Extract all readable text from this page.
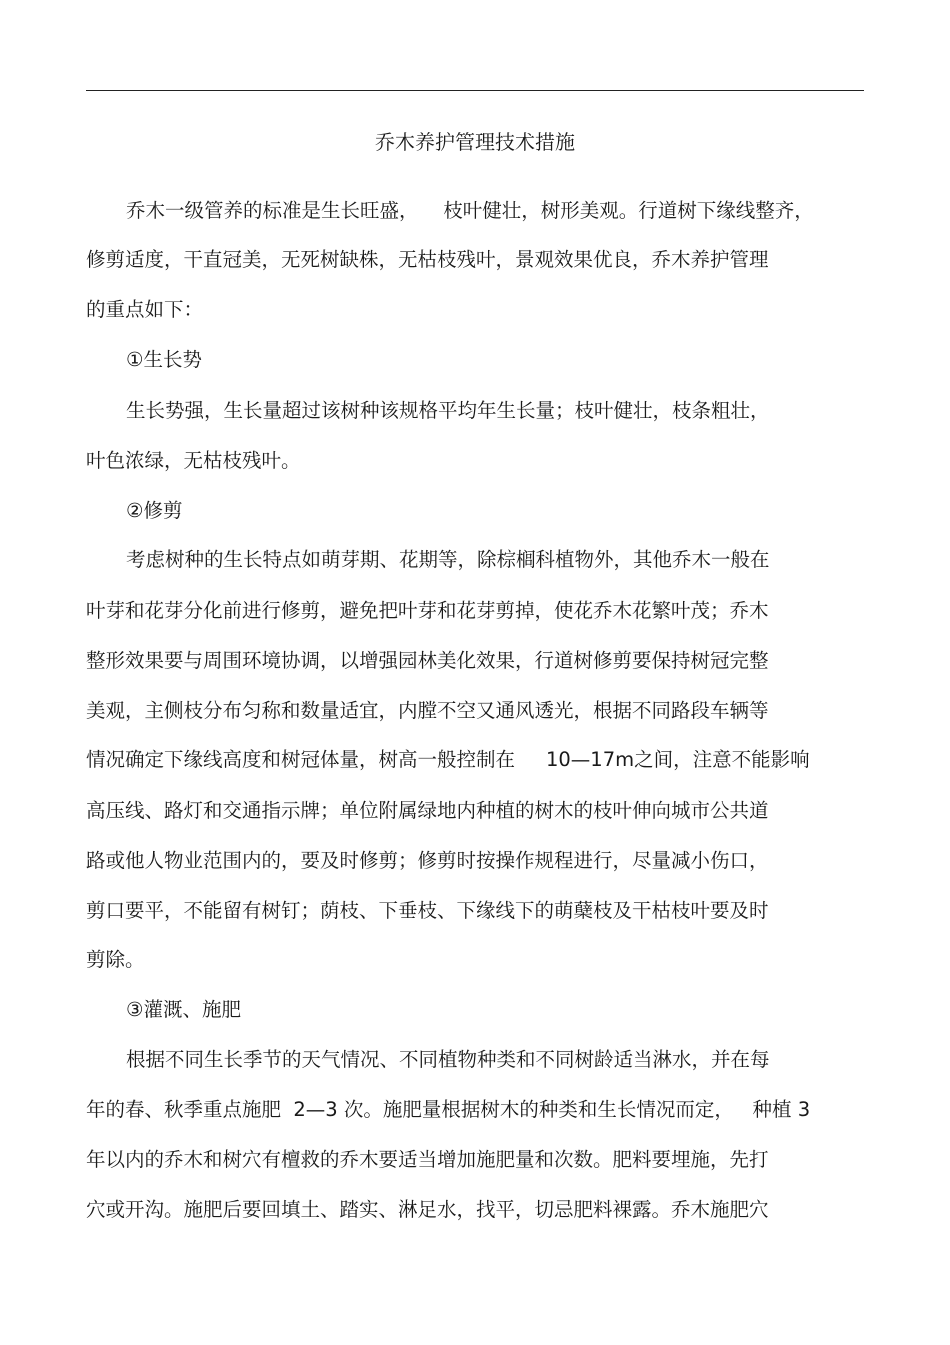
乔木养护管理技术措施
乔木一级管养的标准是生长旺盛，    枝叶健壮，树形美观。行道树下缘线整齐，
修剪适度，干直冠美，无死树缺株，无枯枝残叶，景观效果优良，乔木养护管理
的重点如下：
①生长势
生长势强，生长量超过该树种该规格平均年生长量；枝叶健壮，枝条粗壮，
叶色浓绿，无枯枝残叶。
②修剪
考虑树种的生长特点如萌芽期、花期等，除棕榈科植物外，其他乔木一般在
叶芽和花芽分化前进行修剪，避免把叶芽和花芽剪掉，使花乔木花繁叶茂；乔木
整形效果要与周围环境协调，以增强园林美化效果，行道树修剪要保持树冠完整
美观，主侧枝分布匀称和数量适宜，内膛不空又通风透光，根据不同路段车辆等
情况确定下缘线高度和树冠体量，树高一般控制在     10—17m之间，注意不能影响
高压线、路灯和交通指示牌；单位附属绿地内种植的树木的枝叶伸向城市公共道
路或他人物业范围内的，要及时修剪；修剪时按操作规程进行，尽量减小伤口，
剪口要平，不能留有树钉；荫枝、下垂枝、下缘线下的萌蘖枝及干枯枝叶要及时
剪除。
③灌溉、施肥
根据不同生长季节的天气情况、不同植物种类和不同树龄适当淋水，并在每
年的春、秋季重点施肥  2—3 次。施肥量根据树木的种类和生长情况而定，   种植 3
年以内的乔木和树穴有檀救的乔木要适当增加施肥量和次数。肥料要埋施，先打
穴或开沟。施肥后要回填土、踏实、淋足水，找平，切忌肥料裸露。乔木施肥穴
